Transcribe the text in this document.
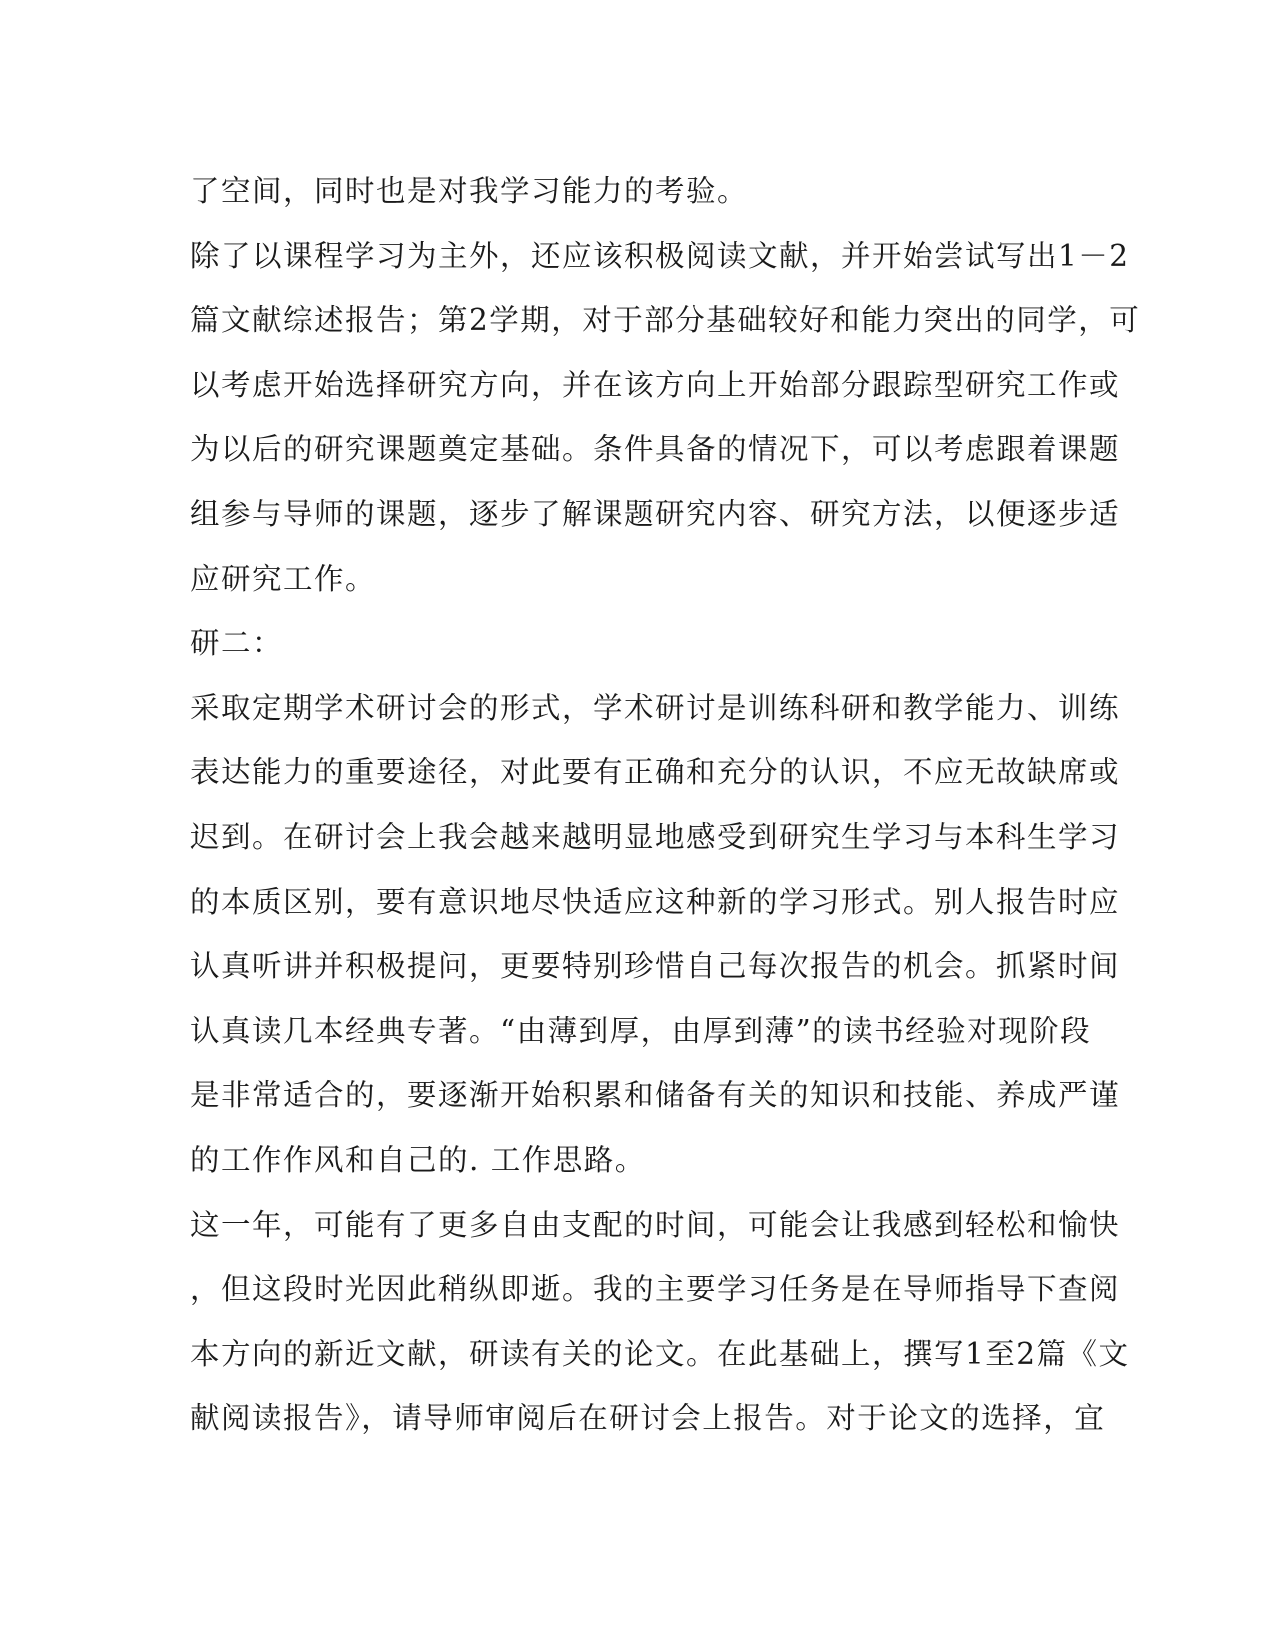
了空间，同时也是对我学习能力的考验。
除了以课程学习为主外，还应该积极阅读文献，并开始尝试写出1－2
篇文献综述报告；第2学期，对于部分基础较好和能力突出的同学，可
以考虑开始选择研究方向，并在该方向上开始部分跟踪型研究工作或
为以后的研究课题奠定基础。条件具备的情况下，可以考虑跟着课题
组参与导师的课题，逐步了解课题研究内容、研究方法，以便逐步适
应研究工作。
研二：
采取定期学术研讨会的形式，学术研讨是训练科研和教学能力、训练
表达能力的重要途径，对此要有正确和充分的认识，不应无故缺席或
迟到。在研讨会上我会越来越明显地感受到研究生学习与本科生学习
的本质区别，要有意识地尽快适应这种新的学习形式。别人报告时应
认真听讲并积极提问，更要特别珍惜自己每次报告的机会。抓紧时间
认真读几本经典专著。“由薄到厚，由厚到薄”的读书经验对现阶段
是非常适合的，要逐渐开始积累和储备有关的知识和技能、养成严谨
的工作作风和自己的. 工作思路。
这一年，可能有了更多自由支配的时间，可能会让我感到轻松和愉快
，但这段时光因此稍纵即逝。我的主要学习任务是在导师指导下查阅
本方向的新近文献，研读有关的论文。在此基础上，撰写1至2篇《文
献阅读报告》，请导师审阅后在研讨会上报告。对于论文的选择，宜
